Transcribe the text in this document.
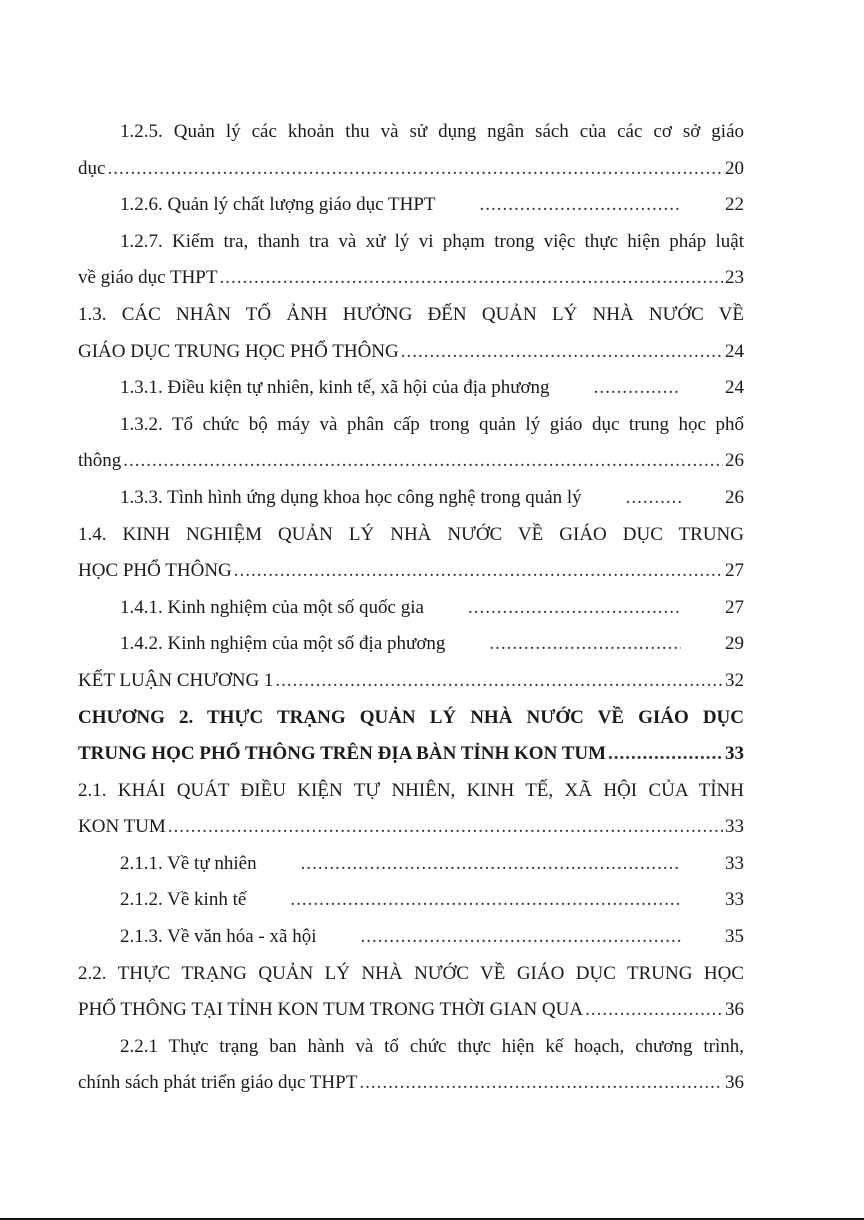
1.2.5. Quản lý các khoản thu và sử dụng ngân sách của các cơ sở giáo
dục .....	20
1.2.6. Quản lý chất lượng giáo dục THPT .....	22
1.2.7. Kiểm tra, thanh tra và xử lý vi phạm trong việc thực hiện pháp luật
về giáo dục THPT .....	23
1.3. CÁC NHÂN TỐ ẢNH HƯỞNG ĐẾN QUẢN LÝ NHÀ NƯỚC VỀ
GIÁO DỤC TRUNG HỌC PHỔ THÔNG .....	24
1.3.1. Điều kiện tự nhiên, kinh tế, xã hội của địa phương .....	24
1.3.2. Tổ chức bộ máy và phân cấp trong quản lý giáo dục trung học phổ
thông .....	26
1.3.3. Tình hình ứng dụng khoa học công nghệ trong quản lý .....	26
1.4. KINH NGHIỆM QUẢN LÝ NHÀ NƯỚC VỀ GIÁO DỤC TRUNG
HỌC PHỔ THÔNG .....	27
1.4.1. Kinh nghiệm của một số quốc gia .....	27
1.4.2. Kinh nghiệm của một số địa phương .....	29
KẾT LUẬN CHƯƠNG 1 .....	32
CHƯƠNG 2. THỰC TRẠNG QUẢN LÝ NHÀ NƯỚC VỀ GIÁO DỤC
TRUNG HỌC PHỔ THÔNG TRÊN ĐỊA BÀN TỈNH KON TUM .....	33
2.1. KHÁI QUÁT ĐIỀU KIỆN TỰ NHIÊN, KINH TẾ, XÃ HỘI CỦA TỈNH
KON TUM .....	33
2.1.1. Về tự nhiên .....	33
2.1.2. Về kinh tế .....	33
2.1.3. Về văn hóa - xã hội .....	35
2.2. THỰC TRẠNG QUẢN LÝ NHÀ NƯỚC VỀ GIÁO DỤC TRUNG HỌC
PHỔ THÔNG TẠI TỈNH KON TUM TRONG THỜI GIAN QUA .....	36
2.2.1 Thực trạng ban hành và tổ chức thực hiện kế hoạch, chương trình,
chính sách phát triển giáo dục THPT .....	36
